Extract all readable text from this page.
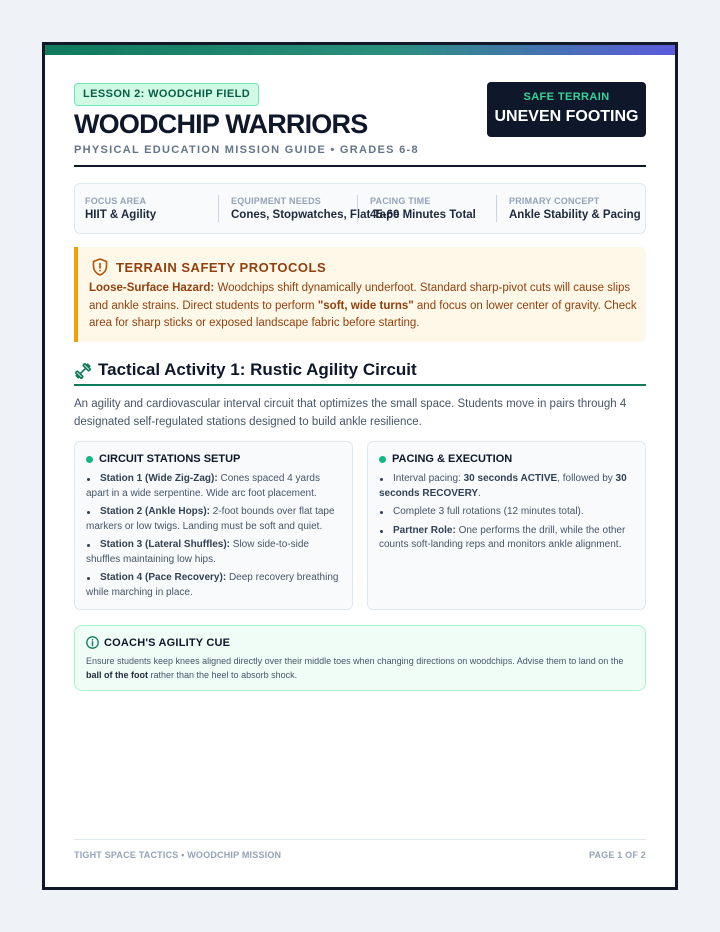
LESSON 2: WOODCHIP FIELD
WOODCHIP WARRIORS
PHYSICAL EDUCATION MISSION GUIDE • GRADES 6-8
SAFE TERRAIN
UNEVEN FOOTING
FOCUS AREA
HIIT & Agility
EQUIPMENT NEEDS
Cones, Stopwatches, Flat Tape
PACING TIME
45-60 Minutes Total
PRIMARY CONCEPT
Ankle Stability & Pacing
TERRAIN SAFETY PROTOCOLS

Loose-Surface Hazard: Woodchips shift dynamically underfoot. Standard sharp-pivot cuts will cause slips and ankle strains. Direct students to perform "soft, wide turns" and focus on lower center of gravity. Check area for sharp sticks or exposed landscape fabric before starting.

Tactical Activity 1: Rustic Agility Circuit

An agility and cardiovascular interval circuit that optimizes the small space. Students move in pairs through 4 designated self-regulated stations designed to build ankle resilience.

CIRCUIT STATIONS SETUP
Station 1 (Wide Zig-Zag): Cones spaced 4 yards apart in a wide serpentine. Wide arc foot placement.
Station 2 (Ankle Hops): 2-foot bounds over flat tape markers or low twigs. Landing must be soft and quiet.
Station 3 (Lateral Shuffles): Slow side-to-side shuffles maintaining low hips.
Station 4 (Pace Recovery): Deep recovery breathing while marching in place.
PACING & EXECUTION
Interval pacing: 30 seconds ACTIVE, followed by 30 seconds RECOVERY.
Complete 3 full rotations (12 minutes total).
Partner Role: One performs the drill, while the other counts soft-landing reps and monitors ankle alignment.
COACH'S AGILITY CUE

Ensure students keep knees aligned directly over their middle toes when changing directions on woodchips. Advise them to land on the ball of the foot rather than the heel to absorb shock.

TIGHT SPACE TACTICS • WOODCHIP MISSION	PAGE 1 OF 2
